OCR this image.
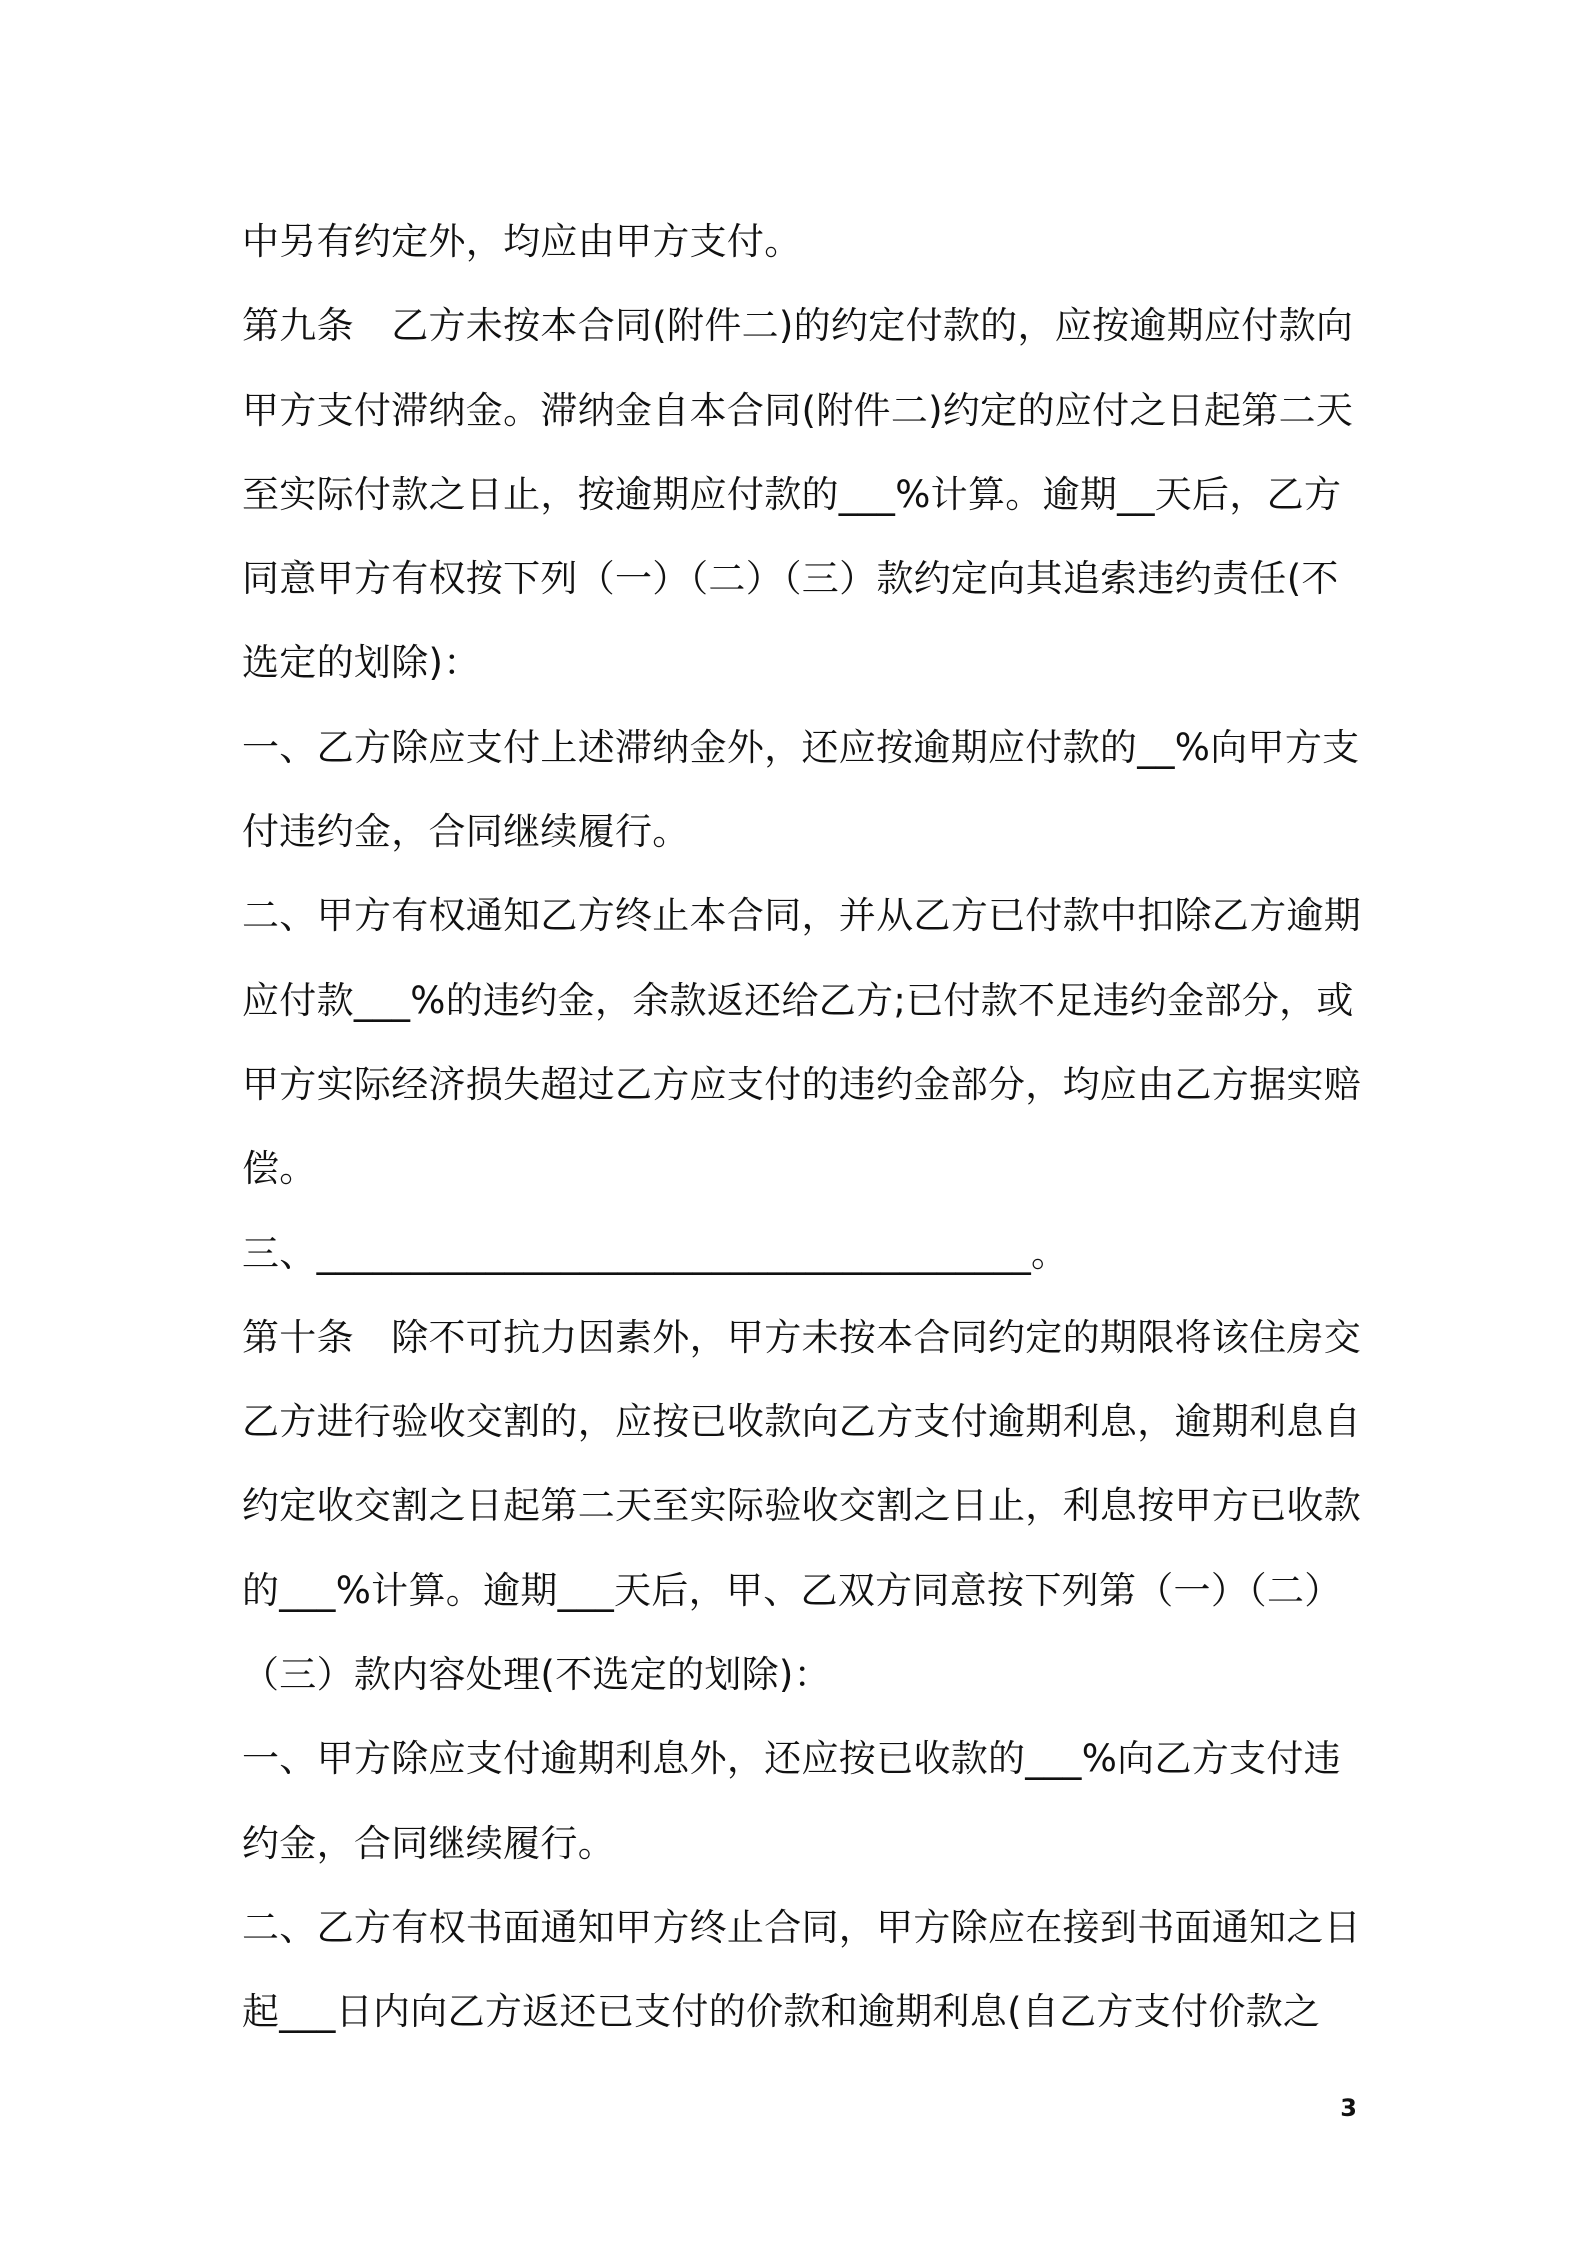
中另有约定外，均应由甲方支付。
第九条　乙方未按本合同(附件二)的约定付款的，应按逾期应付款向
甲方支付滞纳金。滞纳金自本合同(附件二)约定的应付之日起第二天
至实际付款之日止，按逾期应付款的___%计算。逾期__天后，乙方
同意甲方有权按下列（一）（二）（三）款约定向其追索违约责任(不
选定的划除)：
一、乙方除应支付上述滞纳金外，还应按逾期应付款的__%向甲方支
付违约金，合同继续履行。
二、甲方有权通知乙方终止本合同，并从乙方已付款中扣除乙方逾期
应付款___%的违约金，余款返还给乙方;已付款不足违约金部分，或
甲方实际经济损失超过乙方应支付的违约金部分，均应由乙方据实赔
偿。
三、______________________________________。
第十条　除不可抗力因素外，甲方未按本合同约定的期限将该住房交
乙方进行验收交割的，应按已收款向乙方支付逾期利息，逾期利息自
约定收交割之日起第二天至实际验收交割之日止，利息按甲方已收款
的___%计算。逾期___天后，甲、乙双方同意按下列第（一）（二）
（三）款内容处理(不选定的划除)：
一、甲方除应支付逾期利息外，还应按已收款的___%向乙方支付违
约金，合同继续履行。
二、乙方有权书面通知甲方终止合同，甲方除应在接到书面通知之日
起___日内向乙方返还已支付的价款和逾期利息(自乙方支付价款之
3
